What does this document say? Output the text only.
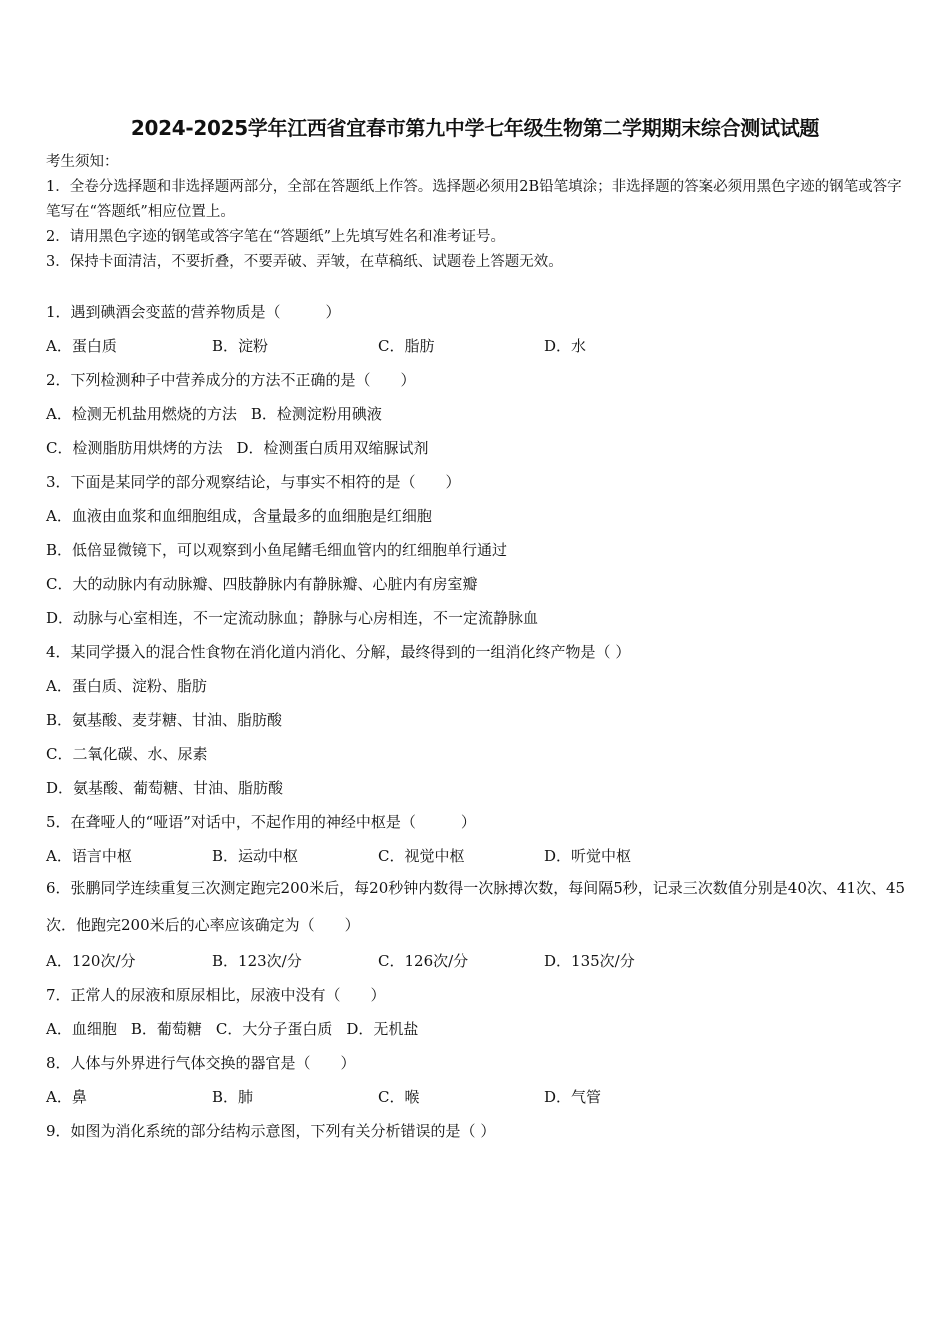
2024-2025学年江西省宜春市第九中学七年级生物第二学期期末综合测试试题

考生须知：

1．全卷分选择题和非选择题两部分，全部在答题纸上作答。选择题必须用2B铅笔填涂；非选择题的答案必须用黑色字迹的钢笔或答字笔写在“答题纸”相应位置上。

2．请用黑色字迹的钢笔或答字笔在“答题纸”上先填写姓名和准考证号。

3．保持卡面清洁，不要折叠，不要弄破、弄皱，在草稿纸、试题卷上答题无效。

1．遇到碘酒会变蓝的营养物质是（　　　）
A．蛋白质	B．淀粉	C．脂肪	D．水
2．下列检测种子中营养成分的方法不正确的是（　　）
A．检测无机盐用燃烧的方法 B．检测淀粉用碘液
C．检测脂肪用烘烤的方法 D．检测蛋白质用双缩脲试剂
3．下面是某同学的部分观察结论，与事实不相符的是（　　）
A．血液由血浆和血细胞组成，含量最多的血细胞是红细胞
B．低倍显微镜下，可以观察到小鱼尾鳍毛细血管内的红细胞单行通过
C．大的动脉内有动脉瓣、四肢静脉内有静脉瓣、心脏内有房室瓣
D．动脉与心室相连，不一定流动脉血；静脉与心房相连，不一定流静脉血
4．某同学摄入的混合性食物在消化道内消化、分解，最终得到的一组消化终产物是（ ）
A．蛋白质、淀粉、脂肪
B．氨基酸、麦芽糖、甘油、脂肪酸
C．二氧化碳、水、尿素
D．氨基酸、葡萄糖、甘油、脂肪酸
5．在聋哑人的“哑语”对话中，不起作用的神经中枢是（　　　）
A．语言中枢	B．运动中枢	C．视觉中枢	D．听觉中枢
6．张鹏同学连续重复三次测定跑完200米后，每20秒钟内数得一次脉搏次数，每间隔5秒，记录三次数值分别是40次、41次、45次．他跑完200米后的心率应该确定为（　　）
A．120次/分	B．123次/分	C．126次/分	D．135次/分
7．正常人的尿液和原尿相比，尿液中没有（　　）
A．血细胞 B．葡萄糖 C．大分子蛋白质 D．无机盐
8．人体与外界进行气体交换的器官是（　　）
A．鼻	B．肺	C．喉	D．气管
9．如图为消化系统的部分结构示意图，下列有关分析错误的是（ ）
